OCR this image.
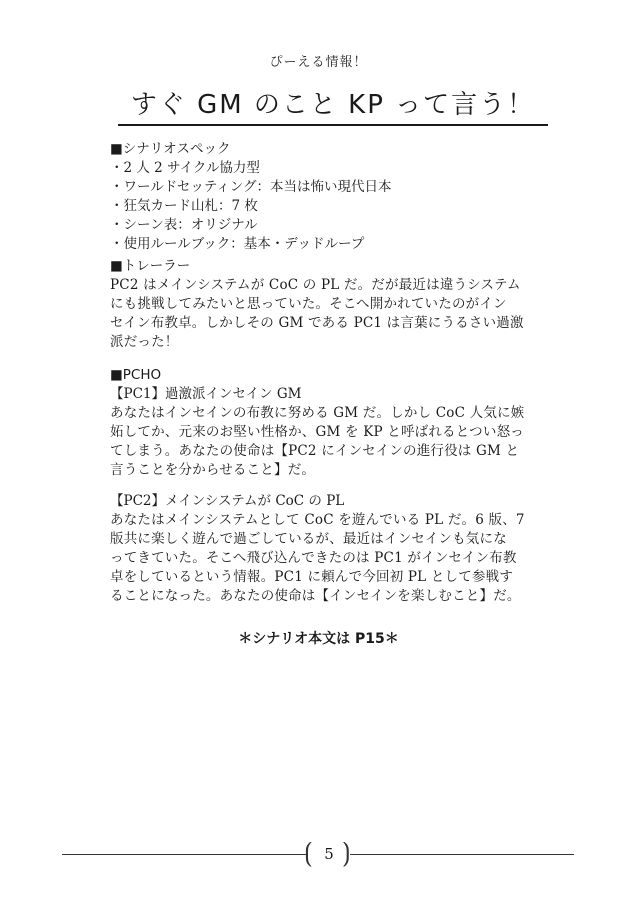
ぴーえる情報！
すぐ GM のこと KP って言う！
■シナリオスペック
・2 人 2 サイクル協力型
・ワールドセッティング：本当は怖い現代日本
・狂気カード山札：7 枚
・シーン表：オリジナル
・使用ルールブック：基本・デッドループ
■トレーラー
PC2 はメインシステムが CoC の PL だ。だが最近は違うシステム
にも挑戦してみたいと思っていた。そこへ開かれていたのがイン
セイン布教卓。しかしその GM である PC1 は言葉にうるさい過激
派だった！
■PCHO
【PC1】過激派インセイン GM
あなたはインセインの布教に努める GM だ。しかし CoC 人気に嫉
妬してか、元来のお堅い性格か、GM を KP と呼ばれるとつい怒っ
てしまう。あなたの使命は【PC2 にインセインの進行役は GM と
言うことを分からせること】だ。
【PC2】メインシステムが CoC の PL
あなたはメインシステムとして CoC を遊んでいる PL だ。6 版、7
版共に楽しく遊んで過ごしているが、最近はインセインも気にな
ってきていた。そこへ飛び込んできたのは PC1 がインセイン布教
卓をしているという情報。PC1 に頼んで今回初 PL として参戦す
ることになった。あなたの使命は【インセインを楽しむこと】だ。
＊シナリオ本文は P15＊
⟮ ⟯
5
